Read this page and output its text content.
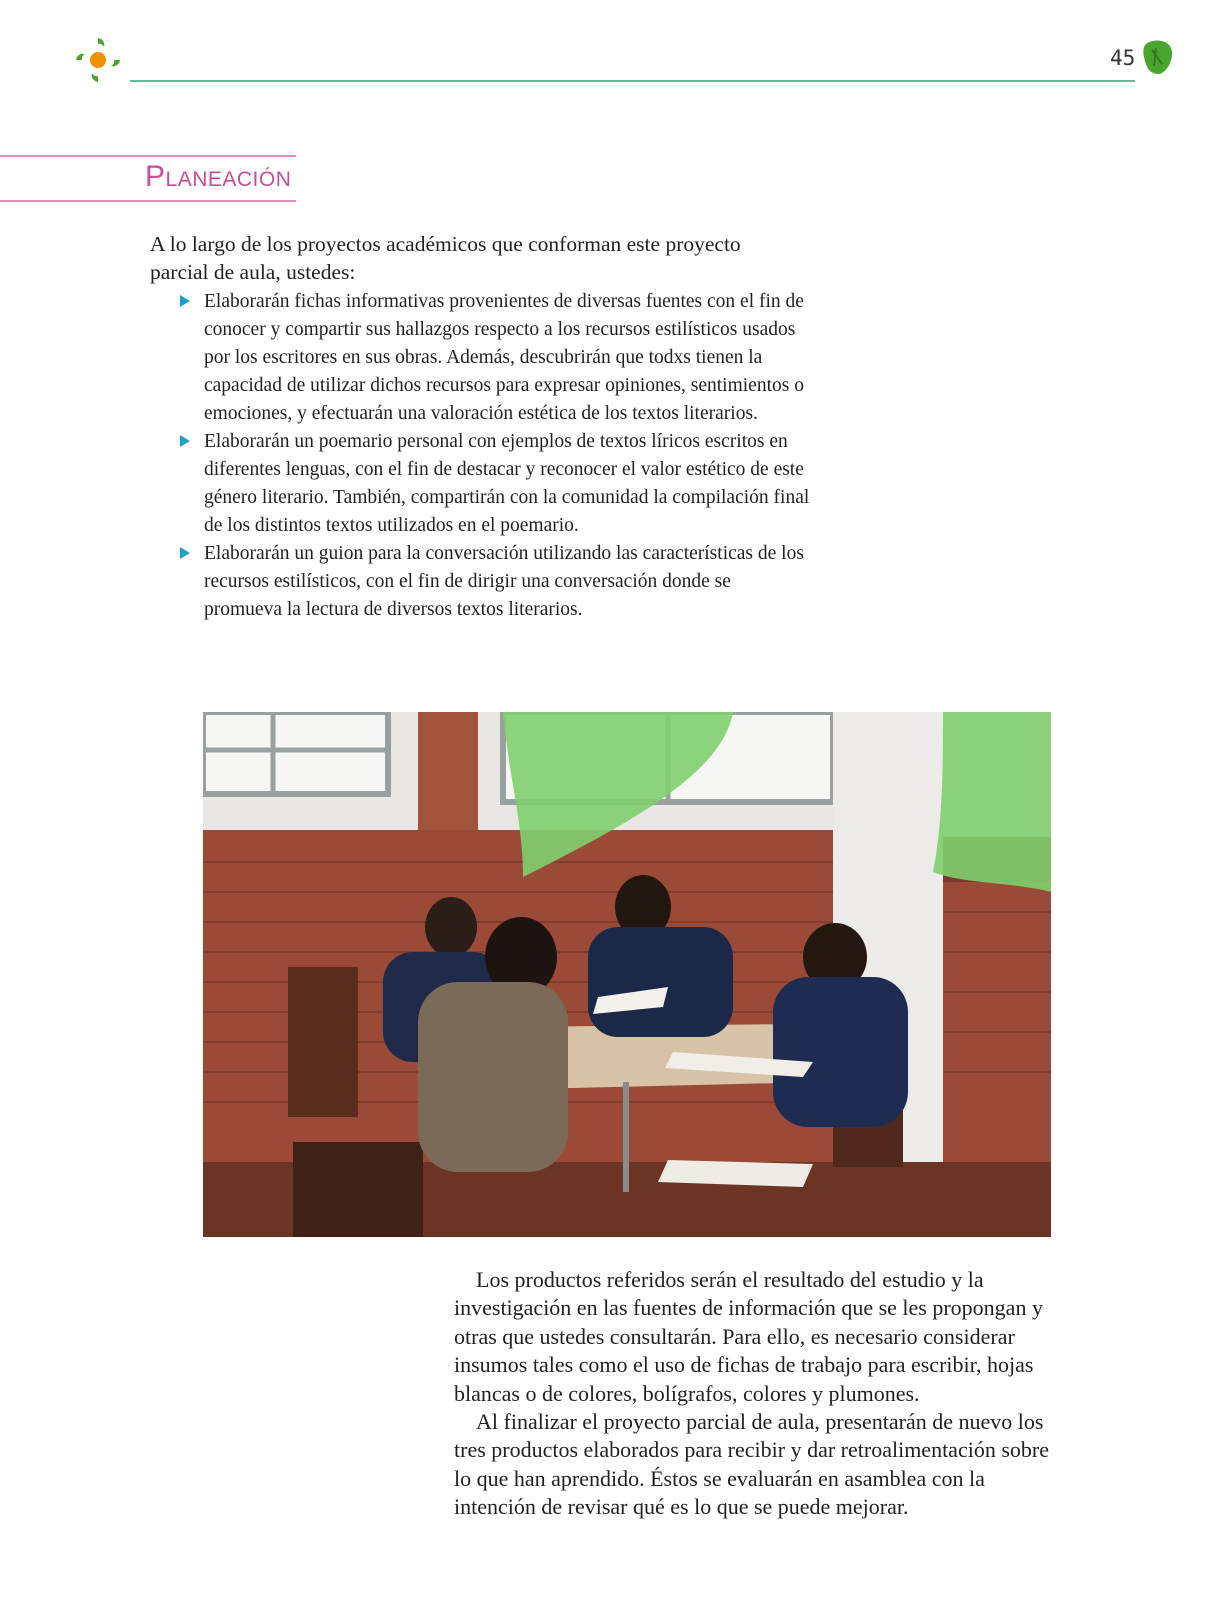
45
Planeación
A lo largo de los proyectos académicos que conforman este proyecto parcial de aula, ustedes:
Elaborarán fichas informativas provenientes de diversas fuentes con el fin de conocer y compartir sus hallazgos respecto a los recursos estilísticos usados por los escritores en sus obras. Además, descubrirán que todxs tienen la capacidad de utilizar dichos recursos para expresar opiniones, sentimientos o emociones, y efectuarán una valoración estética de los textos literarios.
Elaborarán un poemario personal con ejemplos de textos líricos escritos en diferentes lenguas, con el fin de destacar y reconocer el valor estético de este género literario. También, compartirán con la comunidad la compilación final de los distintos textos utilizados en el poemario.
Elaborarán un guion para la conversación utilizando las características de los recursos estilísticos, con el fin de dirigir una conversación donde se promueva la lectura de diversos textos literarios.

Los productos referidos serán el resultado del estudio y la investigación en las fuentes de información que se les propongan y otras que ustedes consultarán. Para ello, es necesario considerar insumos tales como el uso de fichas de trabajo para escribir, hojas blancas o de colores, bolígrafos, colores y plumones.

Al finalizar el proyecto parcial de aula, presentarán de nuevo los tres productos elaborados para recibir y dar retroalimentación sobre lo que han aprendido. Éstos se evaluarán en asamblea con la intención de revisar qué es lo que se puede mejorar.
